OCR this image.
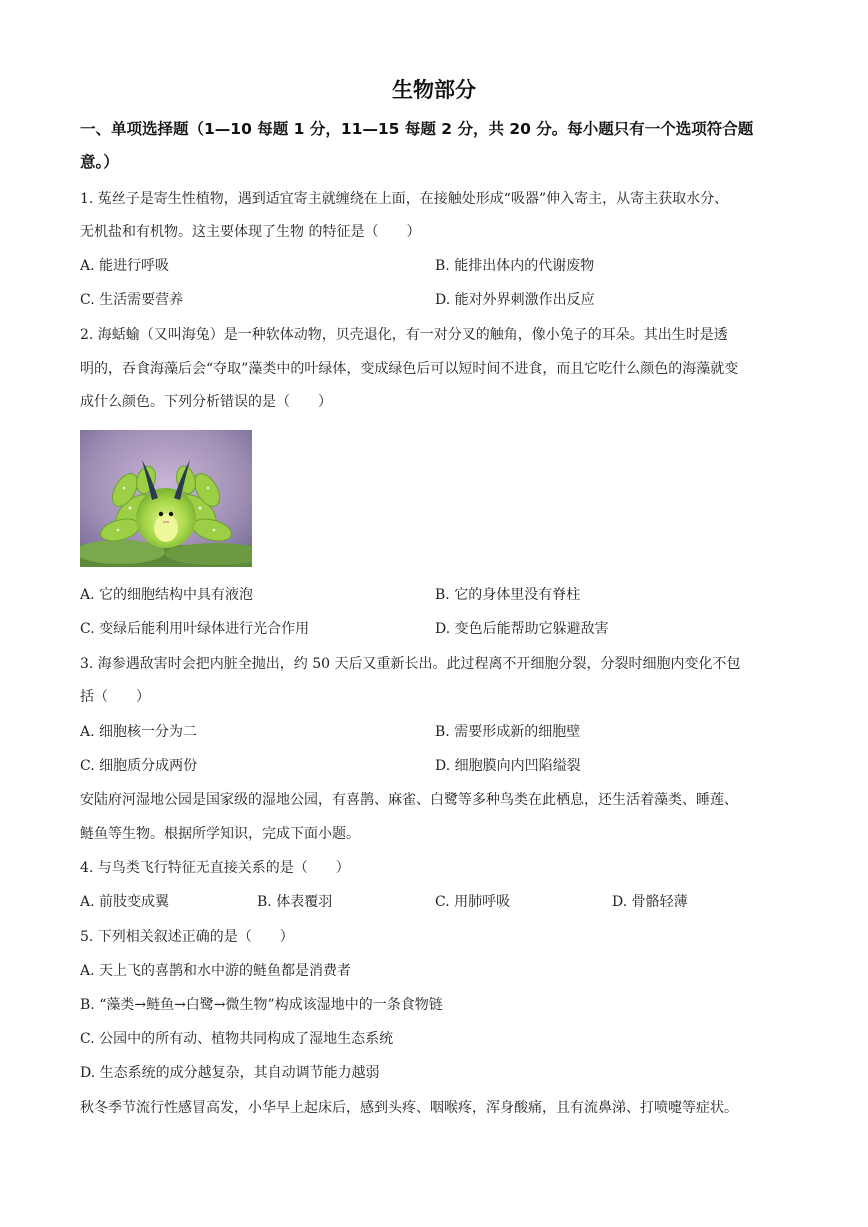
生物部分
一、单项选择题（1—10 每题 1 分，11—15 每题 2 分，共 20 分。每小题只有一个选项符合题
意。）
1. 菟丝子是寄生性植物，遇到适宜寄主就缠绕在上面，在接触处形成“吸器”伸入寄主，从寄主获取水分、
无机盐和有机物。这主要体现了生物 的特征是（　　）
A. 能进行呼吸	B. 能排出体内的代谢废物
C. 生活需要营养	D. 能对外界刺激作出反应
2. 海蛞蝓（又叫海兔）是一种软体动物，贝壳退化，有一对分叉的触角，像小兔子的耳朵。其出生时是透
明的，吞食海藻后会“夺取”藻类中的叶绿体，变成绿色后可以短时间不进食，而且它吃什么颜色的海藻就变
成什么颜色。下列分析错误的是（　　）
A. 它的细胞结构中具有液泡	B. 它的身体里没有脊柱
C. 变绿后能利用叶绿体进行光合作用	D. 变色后能帮助它躲避敌害
3. 海参遇敌害时会把内脏全抛出，约 50 天后又重新长出。此过程离不开细胞分裂，分裂时细胞内变化不包
括（　　）
A. 细胞核一分为二	B. 需要形成新的细胞壁
C. 细胞质分成两份	D. 细胞膜向内凹陷缢裂
安陆府河湿地公园是国家级的湿地公园，有喜鹊、麻雀、白鹭等多种鸟类在此栖息，还生活着藻类、睡莲、
鲢鱼等生物。根据所学知识，完成下面小题。
4. 与鸟类飞行特征无直接关系的是（　　）
A. 前肢变成翼	B. 体表覆羽	C. 用肺呼吸	D. 骨骼轻薄
5. 下列相关叙述正确的是（　　）
A. 天上飞的喜鹊和水中游的鲢鱼都是消费者
B. “藻类→鲢鱼→白鹭→微生物”构成该湿地中的一条食物链
C. 公园中的所有动、植物共同构成了湿地生态系统
D. 生态系统的成分越复杂，其自动调节能力越弱
秋冬季节流行性感冒高发，小华早上起床后，感到头疼、咽喉疼，浑身酸痛，且有流鼻涕、打喷嚏等症状。
